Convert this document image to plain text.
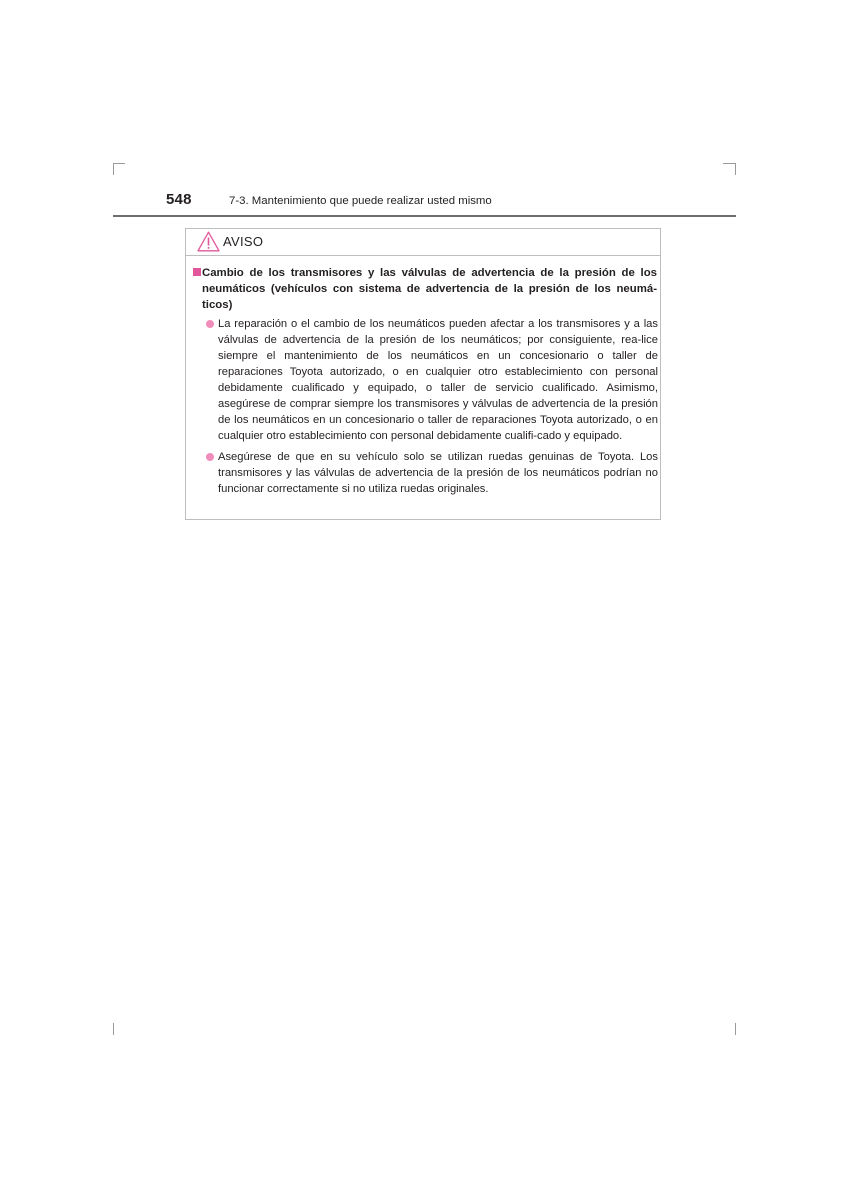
548	7-3. Mantenimiento que puede realizar usted mismo
AVISO

Cambio de los transmisores y las válvulas de advertencia de la presión de los neumáticos (vehículos con sistema de advertencia de la presión de los neumá-ticos)

La reparación o el cambio de los neumáticos pueden afectar a los transmisores y a las válvulas de advertencia de la presión de los neumáticos; por consiguiente, rea-lice siempre el mantenimiento de los neumáticos en un concesionario o taller de reparaciones Toyota autorizado, o en cualquier otro establecimiento con personal debidamente cualificado y equipado, o taller de servicio cualificado. Asimismo, asegúrese de comprar siempre los transmisores y válvulas de advertencia de la presión de los neumáticos en un concesionario o taller de reparaciones Toyota autorizado, o en cualquier otro establecimiento con personal debidamente cualifi-cado y equipado.

Asegúrese de que en su vehículo solo se utilizan ruedas genuinas de Toyota. Los transmisores y las válvulas de advertencia de la presión de los neumáticos podrían no funcionar correctamente si no utiliza ruedas originales.
